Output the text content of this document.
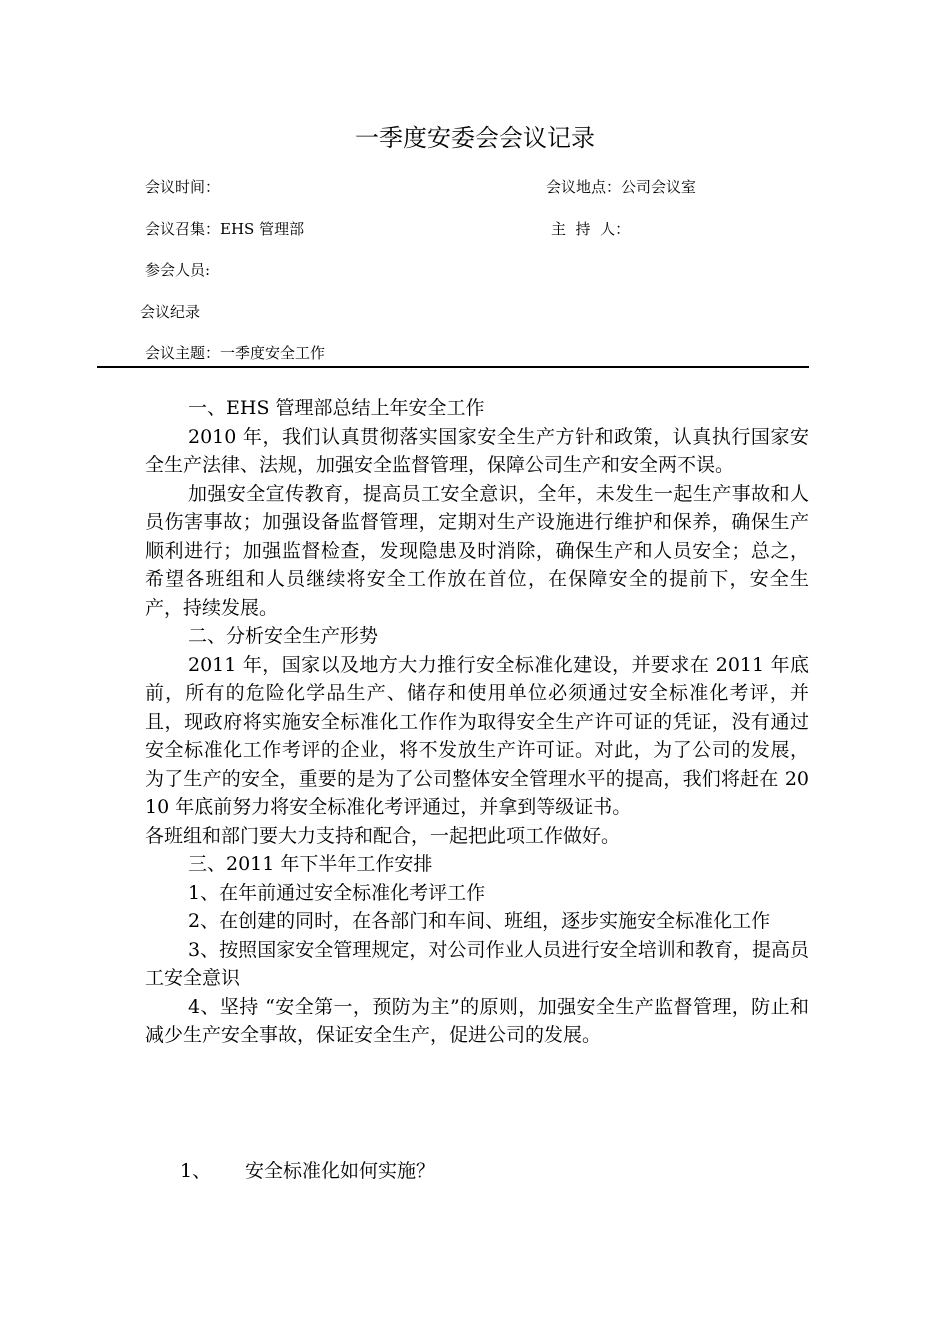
一季度安委会会议记录
会议时间：	会议地点：公司会议室
会议召集：EHS 管理部	主  持  人：
参会人员:
会议纪录
会议主题：一季度安全工作

一、EHS 管理部总结上年安全工作

2010 年，我们认真贯彻落实国家安全生产方针和政策，认真执行国家安全生产法律、法规，加强安全监督管理，保障公司生产和安全两不误。

加强安全宣传教育，提高员工安全意识，全年，未发生一起生产事故和人员伤害事故；加强设备监督管理，定期对生产设施进行维护和保养，确保生产顺利进行；加强监督检查，发现隐患及时消除，确保生产和人员安全；总之，希望各班组和人员继续将安全工作放在首位，在保障安全的提前下，安全生产，持续发展。

二、分析安全生产形势

2011 年，国家以及地方大力推行安全标准化建设，并要求在 2011 年底前，所有的危险化学品生产、储存和使用单位必须通过安全标准化考评，并且，现政府将实施安全标准化工作作为取得安全生产许可证的凭证，没有通过安全标准化工作考评的企业，将不发放生产许可证。对此，为了公司的发展，为了生产的安全，重要的是为了公司整体安全管理水平的提高，我们将赶在 2010 年底前努力将安全标准化考评通过，并拿到等级证书。

各班组和部门要大力支持和配合，一起把此项工作做好。

三、2011 年下半年工作安排

1、在年前通过安全标准化考评工作

2、在创建的同时，在各部门和车间、班组，逐步实施安全标准化工作

3、按照国家安全管理规定，对公司作业人员进行安全培训和教育，提高员工安全意识

4、坚持 “安全第一，预防为主”的原则，加强安全生产监督管理，防止和减少生产安全事故，保证安全生产，促进公司的发展。

1、 安全标准化如何实施？
